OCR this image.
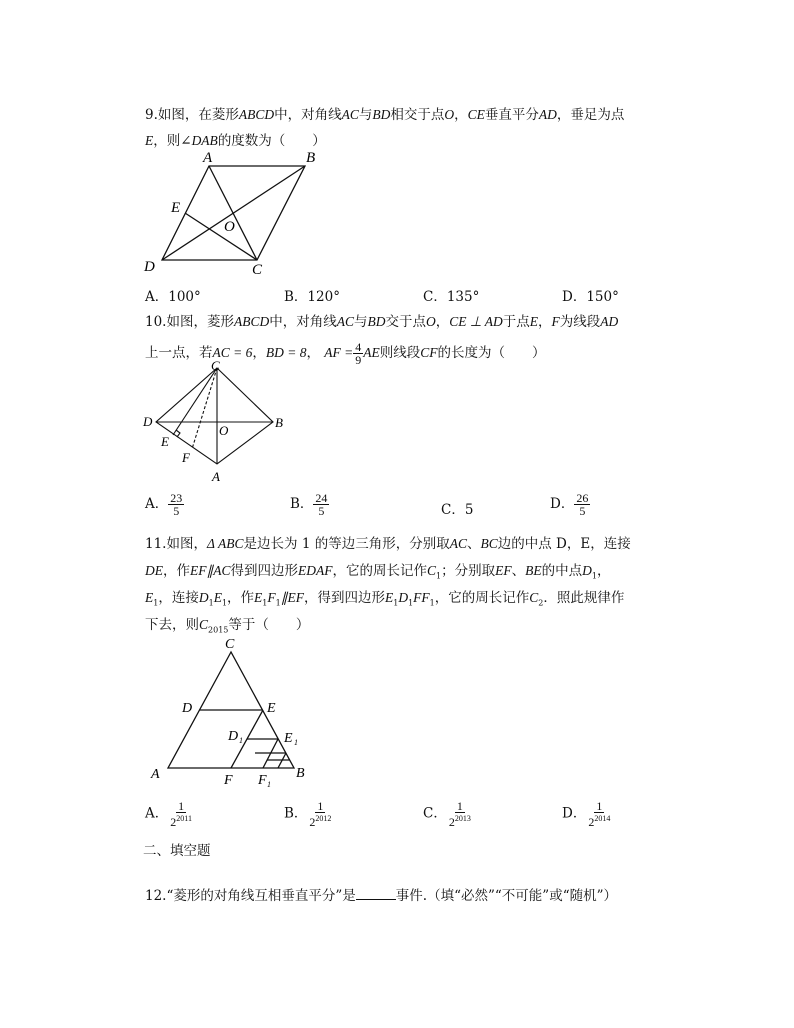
9.如图，在菱形ABCD中，对角线AC与BD相交于点O，CE垂直平分AD，垂足为点
E，则∠DAB的度数为（　　）
A	B
C
D
E
O
A．100°	B．120°	C．135°	D．150°
10.如图，菱形ABCD中，对角线AC与BD交于点O，CE ⊥ AD于点E，F为线段AD
上一点，若AC = 6，BD = 8， AF = $\frac{4}{9}$ AE则线段CF的长度为（　　）
C
B
A
D
E
F
O
A． $\frac{23}{5}$	B． $\frac{24}{5}$	C．5	D． $\frac{26}{5}$
11.如图，Δ ABC是边长为 1 的等边三角形，分别取AC、BC边的中点 D，E，连接
DE，作EF∥AC得到四边形EDAF，它的周长记作$C_1$；分别取EF、BE的中点$D_1$，
$E_1$，连接$D_1E_1$，作$E_1F_1\parallel EF$，得到四边形$E_1D_1FF_1$，它的周长记作$C_2$．照此规律作
下去，则$C_{2015}$等于（　　）
C
D	E
A	B
F
D 1	E 1
F 1
A． $\frac{1}{2^{2011}}$	B． $\frac{1}{2^{2012}}$	C． $\frac{1}{2^{2013}}$	D． $\frac{1}{2^{2014}}$
二、填空题
12.“菱形的对角线互相垂直平分”是	事件.（填“必然”“不可能”或“随机”）
